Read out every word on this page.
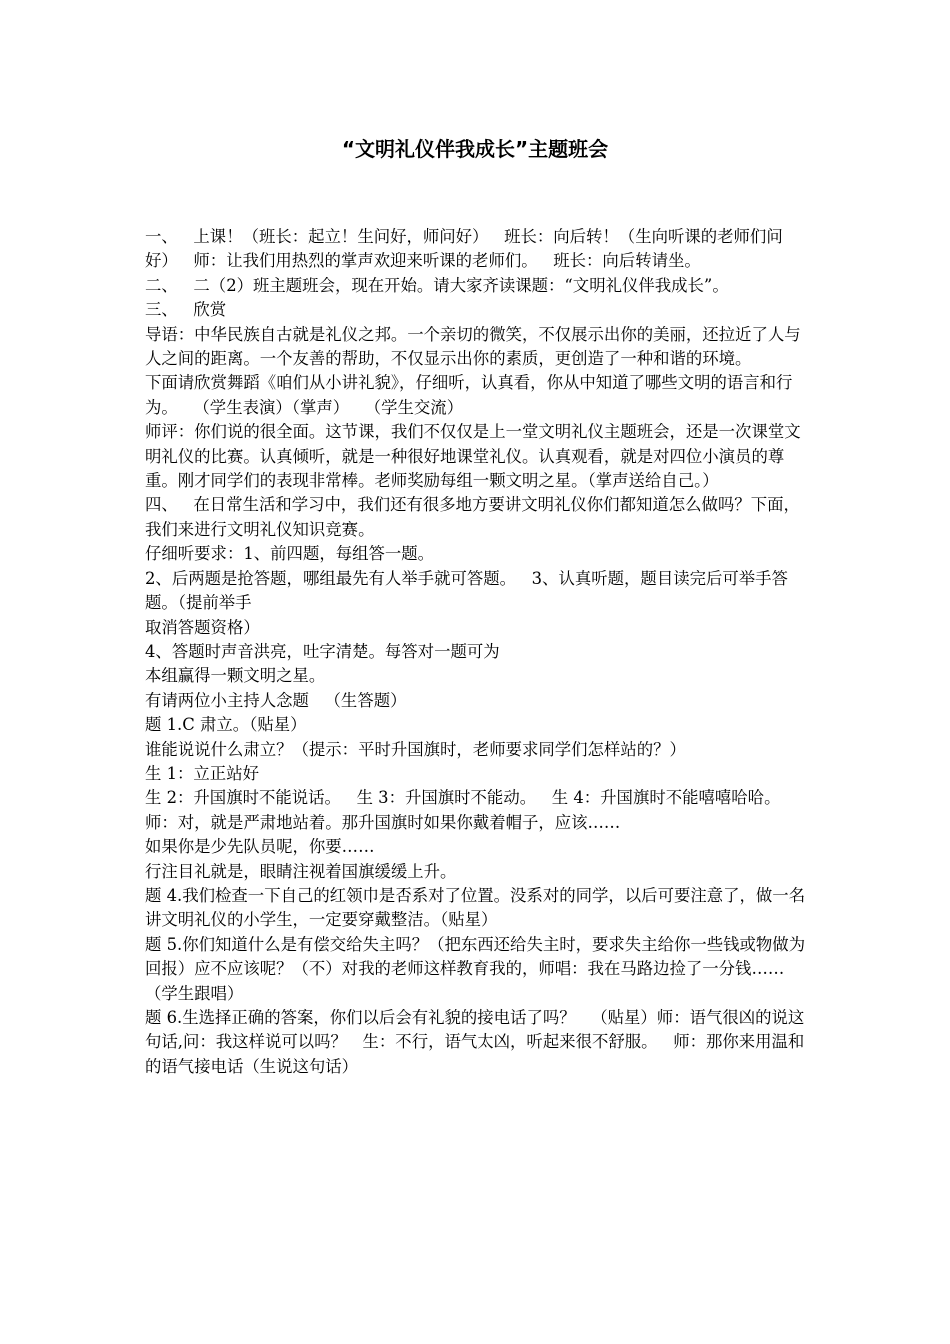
“文明礼仪伴我成长”主题班会

一、   上课！（班长：起立！生问好，师问好）   班长：向后转！（生向听课的老师们问好）   师：让我们用热烈的掌声欢迎来听课的老师们。   班长：向后转请坐。

二、   二（2）班主题班会，现在开始。请大家齐读课题：“文明礼仪伴我成长”。

三、   欣赏

导语：中华民族自古就是礼仪之邦。一个亲切的微笑，不仅展示出你的美丽，还拉近了人与人之间的距离。一个友善的帮助，不仅显示出你的素质，更创造了一种和谐的环境。

下面请欣赏舞蹈《咱们从小讲礼貌》，仔细听，认真看，你从中知道了哪些文明的语言和行为。   （学生表演）（掌声）   （学生交流）

师评：你们说的很全面。这节课，我们不仅仅是上一堂文明礼仪主题班会，还是一次课堂文明礼仪的比赛。认真倾听，就是一种很好地课堂礼仪。认真观看，就是对四位小演员的尊重。刚才同学们的表现非常棒。老师奖励每组一颗文明之星。（掌声送给自己。）

四、   在日常生活和学习中，我们还有很多地方要讲文明礼仪你们都知道怎么做吗？下面，我们来进行文明礼仪知识竞赛。

仔细听要求：1、前四题，每组答一题。

2、后两题是抢答题，哪组最先有人举手就可答题。   3、认真听题，题目读完后可举手答题。（提前举手

取消答题资格）

4、答题时声音洪亮，吐字清楚。每答对一题可为

本组赢得一颗文明之星。

有请两位小主持人念题   （生答题）

题 1.C 肃立。（贴星）

谁能说说什么肃立？（提示：平时升国旗时，老师要求同学们怎样站的？）

生 1：立正站好

生 2：升国旗时不能说话。   生 3：升国旗时不能动。   生 4：升国旗时不能嘻嘻哈哈。

师：对，就是严肃地站着。那升国旗时如果你戴着帽子，应该……

如果你是少先队员呢，你要……

行注目礼就是，眼睛注视着国旗缓缓上升。

题 4.我们检查一下自己的红领巾是否系对了位置。没系对的同学，以后可要注意了，做一名讲文明礼仪的小学生，一定要穿戴整洁。（贴星）

题 5.你们知道什么是有偿交给失主吗？（把东西还给失主时，要求失主给你一些钱或物做为回报）应不应该呢？（不）对我的老师这样教育我的，师唱：我在马路边捡了一分钱……（学生跟唱）

题 6.生选择正确的答案，你们以后会有礼貌的接电话了吗？   （贴星）师：语气很凶的说这句话,问：我这样说可以吗？   生：不行，语气太凶，听起来很不舒服。   师：那你来用温和的语气接电话（生说这句话）
